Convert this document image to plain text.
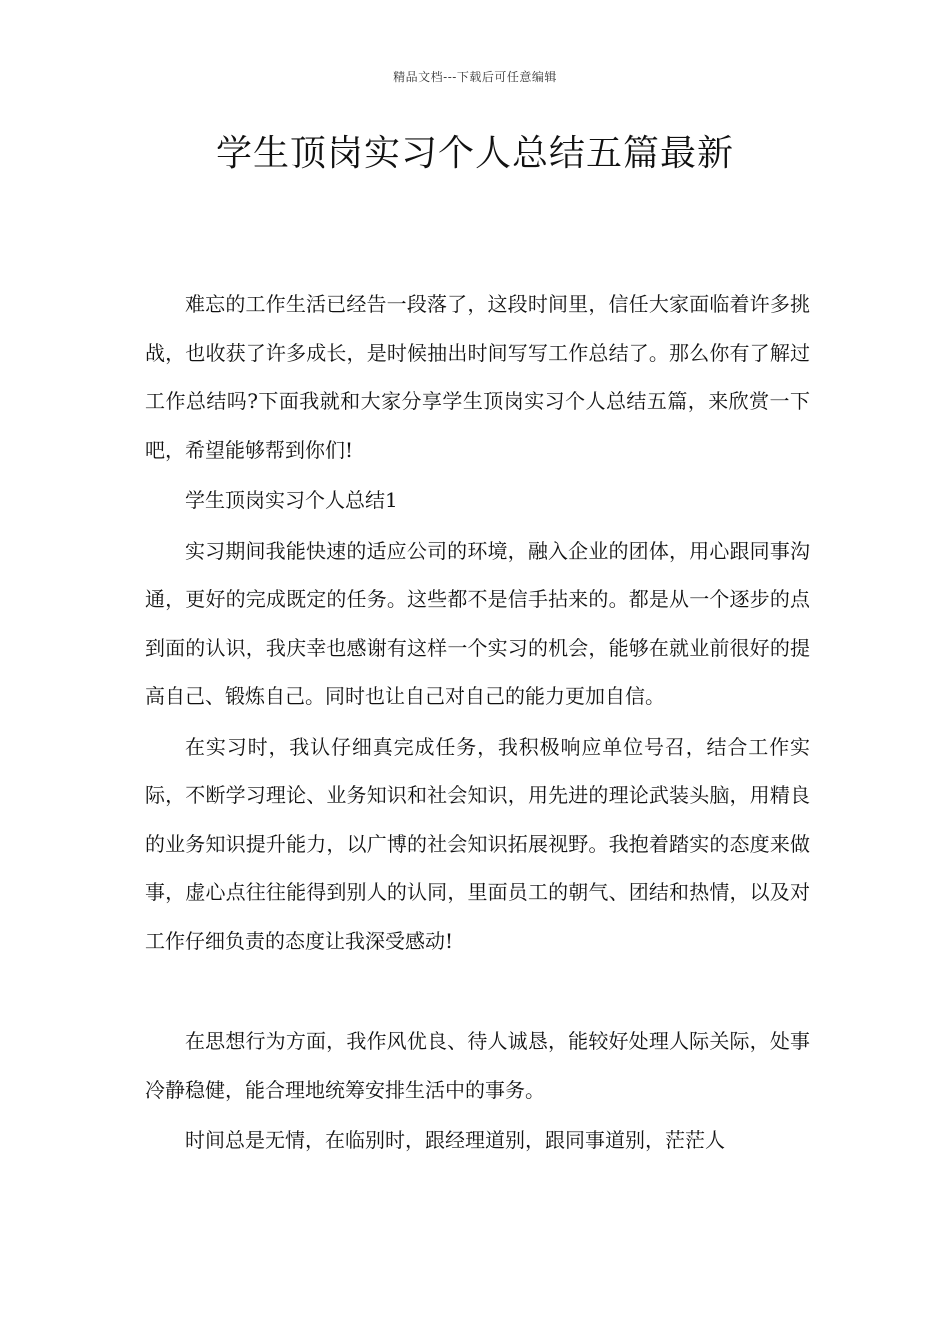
精品文档---下载后可任意编辑
学生顶岗实习个人总结五篇最新

难忘的工作生活已经告一段落了，这段时间里，信任大家面临着许多挑战，也收获了许多成长，是时候抽出时间写写工作总结了。那么你有了解过工作总结吗?下面我就和大家分享学生顶岗实习个人总结五篇，来欣赏一下吧，希望能够帮到你们!

学生顶岗实习个人总结1

实习期间我能快速的适应公司的环境，融入企业的团体，用心跟同事沟通，更好的完成既定的任务。这些都不是信手拈来的。都是从一个逐步的点到面的认识，我庆幸也感谢有这样一个实习的机会，能够在就业前很好的提高自己、锻炼自己。同时也让自己对自己的能力更加自信。

在实习时，我认仔细真完成任务，我积极响应单位号召，结合工作实际，不断学习理论、业务知识和社会知识，用先进的理论武装头脑，用精良的业务知识提升能力，以广博的社会知识拓展视野。我抱着踏实的态度来做事，虚心点往往能得到别人的认同，里面员工的朝气、团结和热情，以及对工作仔细负责的态度让我深受感动!

在思想行为方面，我作风优良、待人诚恳，能较好处理人际关际，处事冷静稳健，能合理地统筹安排生活中的事务。

时间总是无情，在临别时，跟经理道别，跟同事道别，茫茫人
